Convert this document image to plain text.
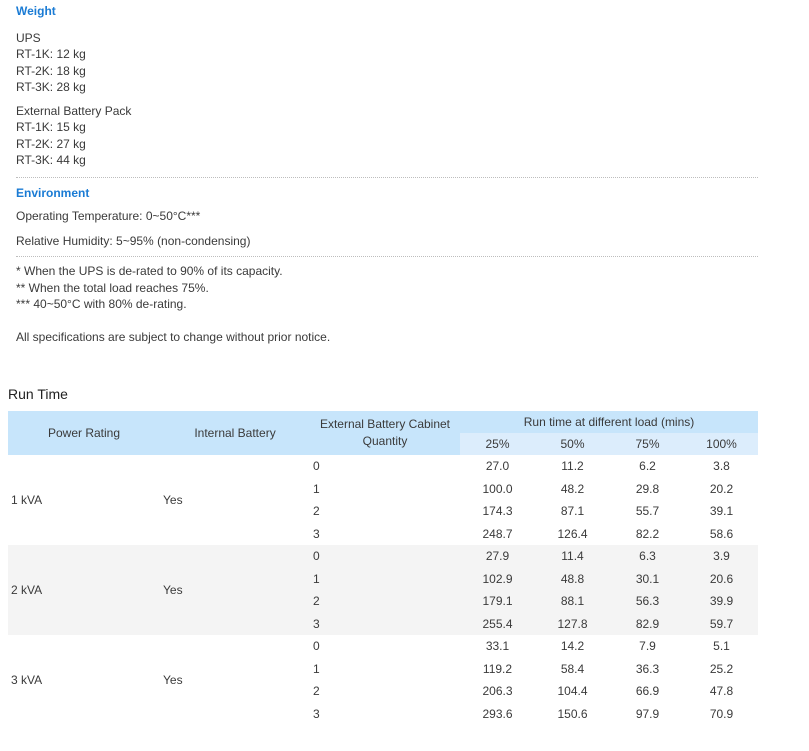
Weight
UPS
RT-1K: 12 kg
RT-2K: 18 kg
RT-3K: 28 kg
External Battery Pack
RT-1K: 15 kg
RT-2K: 27 kg
RT-3K: 44 kg
Environment
Operating Temperature: 0~50°C***
Relative Humidity: 5~95% (non-condensing)
* When the UPS is de-rated to 90% of its capacity.
** When the total load reaches 75%.
*** 40~50°C with 80% de-rating.
All specifications are subject to change without prior notice.
Run Time
Power Rating	Internal Battery	External Battery Cabinet Quantity	Run time at different load (mins)			
			25%	50%	75%	100%
1 kVA	Yes	0	27.0	11.2	6.2	3.8
		1	100.0	48.2	29.8	20.2
		2	174.3	87.1	55.7	39.1
		3	248.7	126.4	82.2	58.6
2 kVA	Yes	0	27.9	11.4	6.3	3.9
		1	102.9	48.8	30.1	20.6
		2	179.1	88.1	56.3	39.9
		3	255.4	127.8	82.9	59.7
3 kVA	Yes	0	33.1	14.2	7.9	5.1
		1	119.2	58.4	36.3	25.2
		2	206.3	104.4	66.9	47.8
		3	293.6	150.6	97.9	70.9
